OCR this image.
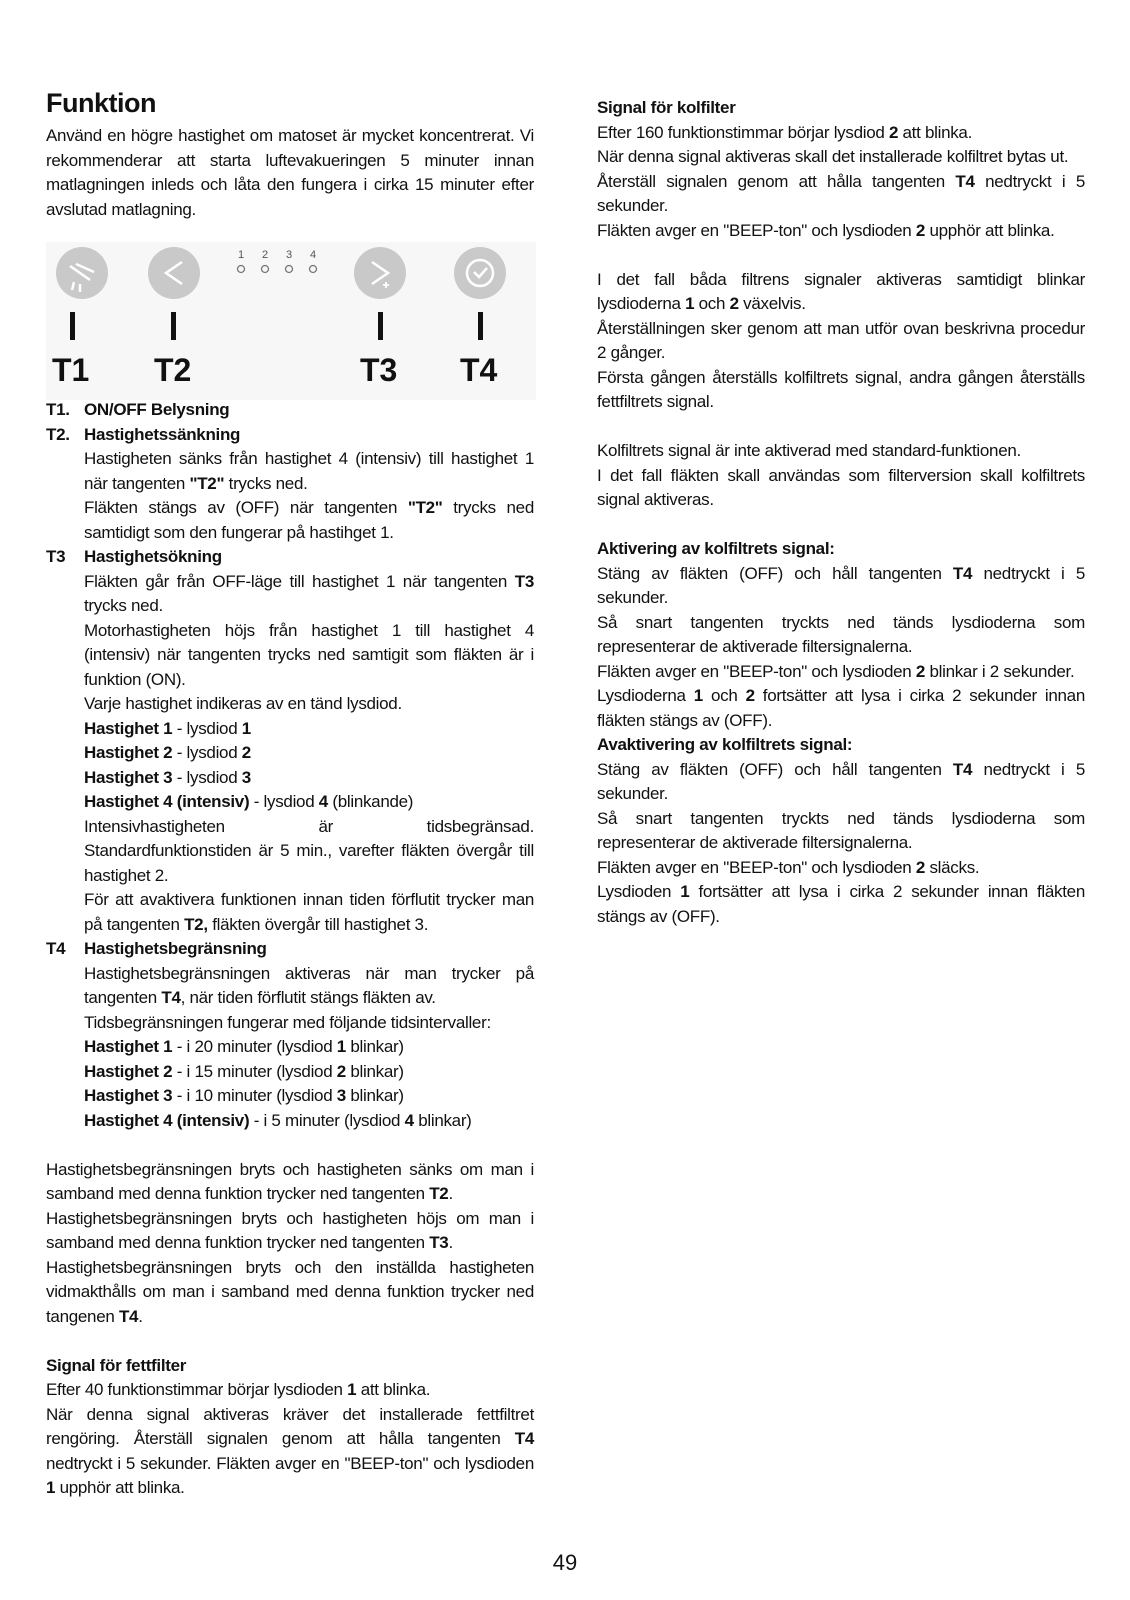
Funktion

Använd en högre hastighet om matoset är mycket koncentrerat. Vi rekommenderar att starta luftevakueringen 5 minuter innan matlagningen inleds och låta den fungera i cirka 15 minuter efter avslutad matlagning.

T1. ON/OFF Belysning

T2. Hastighetssänkning

Hastigheten sänks från hastighet 4 (intensiv) till hastighet 1 när tangenten "T2" trycks ned.

Fläkten stängs av (OFF) när tangenten "T2" trycks ned samtidigt som den fungerar på hastihget 1.

T3 Hastighetsökning

Fläkten går från OFF-läge till hastighet 1 när tangenten T3 trycks ned.

Motorhastigheten höjs från hastighet 1 till hastighet 4 (intensiv) när tangenten trycks ned samtigit som fläkten är i funktion (ON).

Varje hastighet indikeras av en tänd lysdiod.

Hastighet 1 - lysdiod 1

Hastighet 2 - lysdiod 2

Hastighet 3 - lysdiod 3

Hastighet 4 (intensiv) - lysdiod 4 (blinkande)

Intensivhastigheten är tidsbegränsad.

Standardfunktionstiden är 5 min., varefter fläkten övergår till hastighet 2.

För att avaktivera funktionen innan tiden förflutit trycker man på tangenten T2, fläkten övergår till hastighet 3.

T4 Hastighetsbegränsning

Hastighetsbegränsningen aktiveras när man trycker på tangenten T4, när tiden förflutit stängs fläkten av.

Tidsbegränsningen fungerar med följande tidsintervaller:

Hastighet 1 - i 20 minuter (lysdiod 1 blinkar)

Hastighet 2 - i 15 minuter (lysdiod 2 blinkar)

Hastighet 3 - i 10 minuter (lysdiod 3 blinkar)

Hastighet 4 (intensiv) - i 5 minuter (lysdiod 4 blinkar)

Hastighetsbegränsningen bryts och hastigheten sänks om man i samband med denna funktion trycker ned tangenten T2.

Hastighetsbegränsningen bryts och hastigheten höjs om man i samband med denna funktion trycker ned tangenten T3.

Hastighetsbegränsningen bryts och den inställda hastigheten vidmakthålls om man i samband med denna funktion trycker ned tangenen T4.

Signal för fettfilter

Efter 40 funktionstimmar börjar lysdioden 1 att blinka.

När denna signal aktiveras kräver det installerade fettfiltret rengöring. Återställ signalen genom att hålla tangenten T4 nedtryckt i 5 sekunder. Fläkten avger en "BEEP-ton" och lysdioden 1 upphör att blinka.

1 2 3 4
T1 T2	T3 T4

Signal för kolfilter

Efter 160 funktionstimmar börjar lysdiod 2 att blinka.

När denna signal aktiveras skall det installerade kolfiltret bytas ut.

Återställ signalen genom att hålla tangenten T4 nedtryckt i 5 sekunder.

Fläkten avger en "BEEP-ton" och lysdioden 2 upphör att blinka.

I det fall båda filtrens signaler aktiveras samtidigt blinkar lysdioderna 1 och 2 växelvis.

Återställningen sker genom att man utför ovan beskrivna procedur 2 gånger.

Första gången återställs kolfiltrets signal, andra gången återställs fettfiltrets signal.

Kolfiltrets signal är inte aktiverad med standard-funktionen.

I det fall fläkten skall användas som filterversion skall kolfiltrets signal aktiveras.

Aktivering av kolfiltrets signal:

Stäng av fläkten (OFF) och håll tangenten T4 nedtryckt i 5 sekunder.

Så snart tangenten tryckts ned tänds lysdioderna som representerar de aktiverade filtersignalerna.

Fläkten avger en "BEEP-ton" och lysdioden 2 blinkar i 2 sekunder.

Lysdioderna 1 och 2 fortsätter att lysa i cirka 2 sekunder innan fläkten stängs av (OFF).

Avaktivering av kolfiltrets signal:

Stäng av fläkten (OFF) och håll tangenten T4 nedtryckt i 5 sekunder.

Så snart tangenten tryckts ned tänds lysdioderna som representerar de aktiverade filtersignalerna.

Fläkten avger en "BEEP-ton" och lysdioden 2 släcks.

Lysdioden 1 fortsätter att lysa i cirka 2 sekunder innan fläkten stängs av (OFF).

49
